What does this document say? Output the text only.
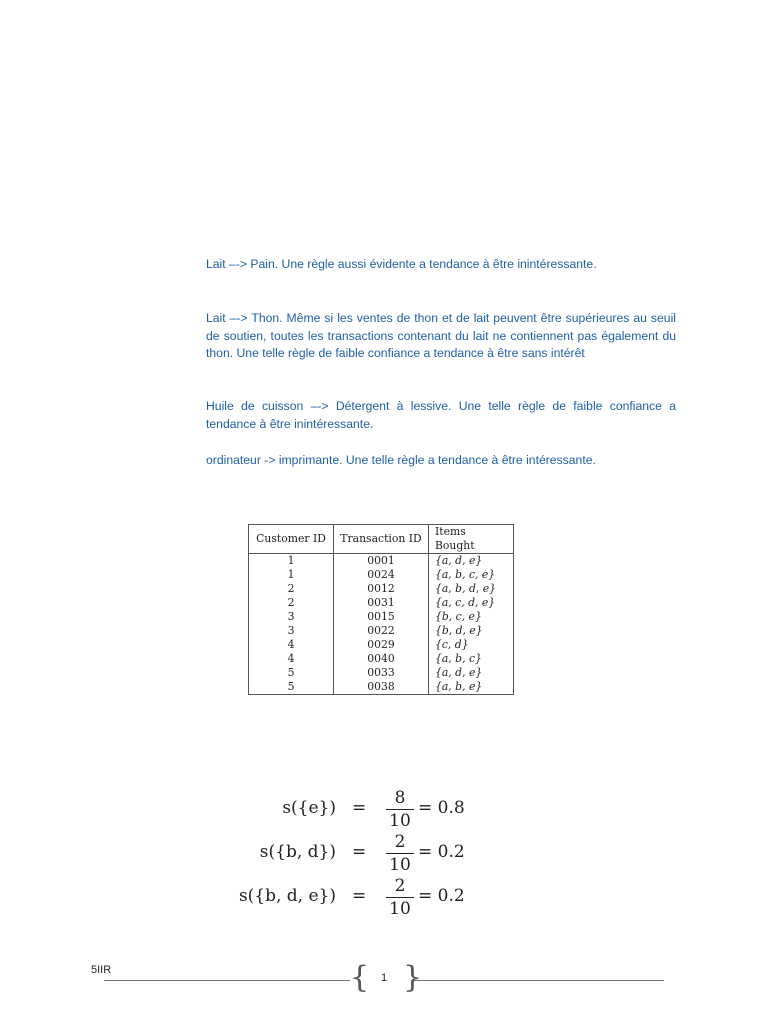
Lait –-> Pain. Une règle aussi évidente a tendance à être inintéressante.

Lait –-> Thon. Même si les ventes de thon et de lait peuvent être supérieures au seuil de soutien, toutes les transactions contenant du lait ne contiennent pas également du thon. Une telle règle de faible confiance a tendance à être sans intérêt

Huile de cuisson –-> Détergent à lessive. Une telle règle de faible confiance a tendance à être inintéressante.

ordinateur -> imprimante. Une telle règle a tendance à être intéressante.

Customer ID	Transaction ID	Items Bought
1	0001	{a, d, e}
1	0024	{a, b, c, e}
2	0012	{a, b, d, e}
2	0031	{a, c, d, e}
3	0015	{b, c, e}
3	0022	{b, d, e}
4	0029	{c, d}
4	0040	{a, b, c}
5	0033	{a, d, e}
5	0038	{a, b, e}
s({e}) =	8
10
= 0.8
s({b, d}) =	2
10
= 0.2
s({b, d, e}) =	2
10
= 0.2
5IIR	{	1 }
